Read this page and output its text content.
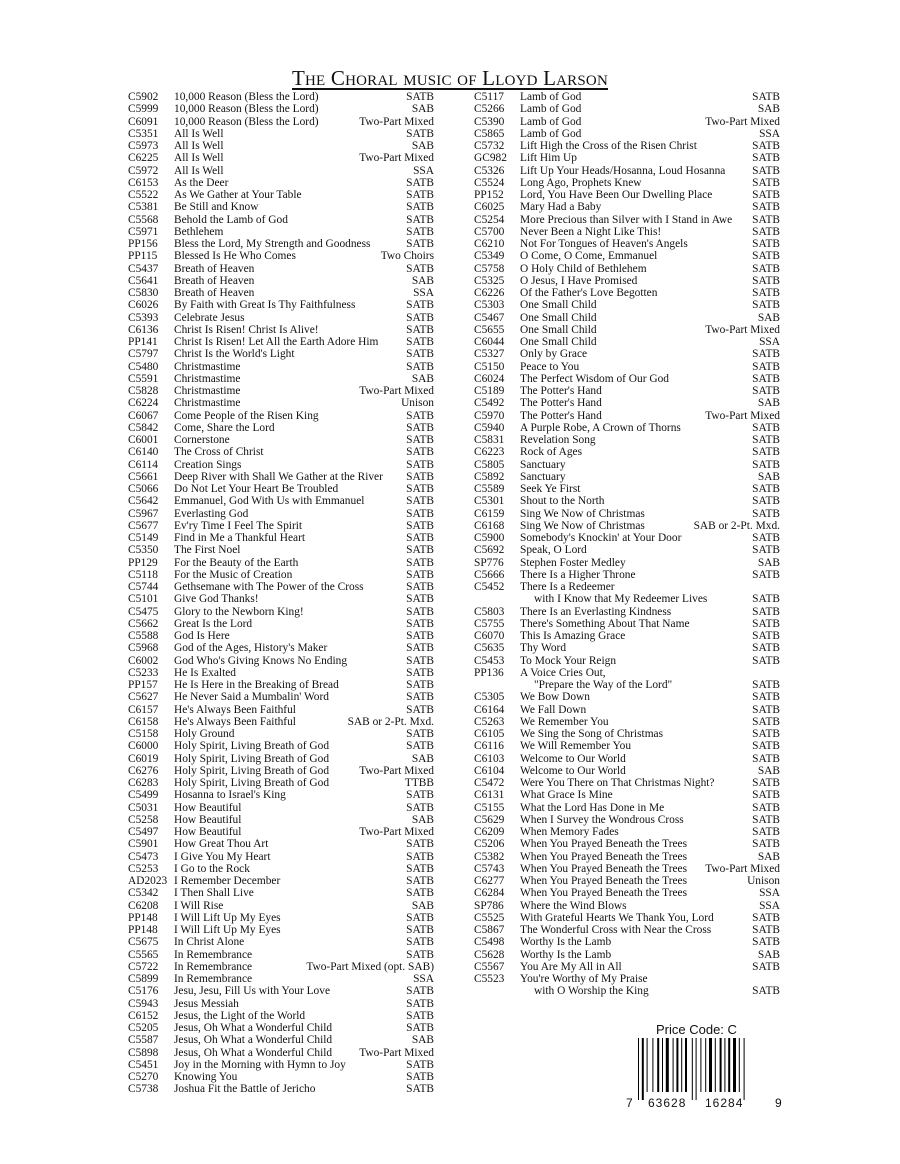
The Choral music of Lloyd Larson
C5902 10,000 Reason (Bless the Lord)	SATB
C5999 10,000 Reason (Bless the Lord)	SAB
C6091 10,000 Reason (Bless the Lord)	Two-Part Mixed
C5351 All Is Well	SATB
C5973 All Is Well	SAB
C6225 All Is Well	Two-Part Mixed
C5972 All Is Well	SSA
C6153 As the Deer	SATB
C5522 As We Gather at Your Table	SATB
C5381 Be Still and Know	SATB
C5568 Behold the Lamb of God	SATB
C5971 Bethlehem	SATB
PP156 Bless the Lord, My Strength and Goodness	SATB
PP115 Blessed Is He Who Comes	Two Choirs
C5437 Breath of Heaven	SATB
C5641 Breath of Heaven	SAB
C5830 Breath of Heaven	SSA
C6026 By Faith with Great Is Thy Faithfulness	SATB
C5393 Celebrate Jesus	SATB
C6136 Christ Is Risen! Christ Is Alive!	SATB
PP141 Christ Is Risen! Let All the Earth Adore Him SATB
C5797 Christ Is the World's Light	SATB
C5480 Christmastime	SATB
C5591 Christmastime	SAB
C5828 Christmastime	Two-Part Mixed
C6224 Christmastime	Unison
C6067 Come People of the Risen King	SATB
C5842 Come, Share the Lord	SATB
C6001 Cornerstone	SATB
C6140 The Cross of Christ	SATB
C6114 Creation Sings	SATB
C5661 Deep River with Shall We Gather at the River SATB
C5066 Do Not Let Your Heart Be Troubled	SATB
C5642 Emmanuel, God With Us with Emmanuel	SATB
C5967 Everlasting God	SATB
C5677 Ev'ry Time I Feel The Spirit	SATB
C5149 Find in Me a Thankful Heart	SATB
C5350 The First Noel	SATB
PP129 For the Beauty of the Earth	SATB
C5118 For the Music of Creation	SATB
C5744 Gethsemane with The Power of the Cross	SATB
C5101 Give God Thanks!	SATB
C5475 Glory to the Newborn King!	SATB
C5662 Great Is the Lord	SATB
C5588 God Is Here	SATB
C5968 God of the Ages, History's Maker	SATB
C6002 God Who's Giving Knows No Ending	SATB
C5233 He Is Exalted	SATB
PP157 He Is Here in the Breaking of Bread	SATB
C5627 He Never Said a Mumbalin' Word	SATB
C6157 He's Always Been Faithful	SATB
C6158 He's Always Been Faithful	SAB or 2-Pt. Mxd.
C5158 Holy Ground	SATB
C6000 Holy Spirit, Living Breath of God	SATB
C6019 Holy Spirit, Living Breath of God	SAB
C6276 Holy Spirit, Living Breath of God	Two-Part Mixed
C6283 Holy Spirit, Living Breath of God	TTBB
C5499 Hosanna to Israel's King	SATB
C5031 How Beautiful	SATB
C5258 How Beautiful	SAB
C5497 How Beautiful	Two-Part Mixed
C5901 How Great Thou Art	SATB
C5473 I Give You My Heart	SATB
C5253 I Go to the Rock	SATB
AD2023 I Remember December	SATB
C5342 I Then Shall Live	SATB
C6208 I Will Rise	SAB
PP148 I Will Lift Up My Eyes	SATB
PP148 I Will Lift Up My Eyes	SATB
C5675 In Christ Alone	SATB
C5565 In Remembrance	SATB
C5722 In Remembrance	Two-Part Mixed (opt. SAB)
C5899 In Remembrance	SSA
C5176 Jesu, Jesu, Fill Us with Your Love	SATB
C5943 Jesus Messiah	SATB
C6152 Jesus, the Light of the World	SATB
C5205 Jesus, Oh What a Wonderful Child	SATB
C5587 Jesus, Oh What a Wonderful Child	SAB
C5898 Jesus, Oh What a Wonderful Child Two-Part Mixed
C5451 Joy in the Morning with Hymn to Joy	SATB
C5270 Knowing You	SATB
C5738 Joshua Fit the Battle of Jericho	SATB
C5117 Lamb of God	SATB
C5266 Lamb of God	SAB
C5390 Lamb of God	Two-Part Mixed
C5865 Lamb of God	SSA
C5732 Lift High the Cross of the Risen Christ	SATB
GC982 Lift Him Up	SATB
C5326 Lift Up Your Heads/Hosanna, Loud Hosanna SATB
C5524 Long Ago, Prophets Knew	SATB
PP152 Lord, You Have Been Our Dwelling Place	SATB
C6025 Mary Had a Baby	SATB
C5254 More Precious than Silver with I Stand in Awe SATB
C5700 Never Been a Night Like This!	SATB
C6210 Not For Tongues of Heaven's Angels	SATB
C5349 O Come, O Come, Emmanuel	SATB
C5758 O Holy Child of Bethlehem	SATB
C5325 O Jesus, I Have Promised	SATB
C6226 Of the Father's Love Begotten	SATB
C5303 One Small Child	SATB
C5467 One Small Child	SAB
C5655 One Small Child	Two-Part Mixed
C6044 One Small Child	SSA
C5327 Only by Grace	SATB
C5150 Peace to You	SATB
C6024 The Perfect Wisdom of Our God	SATB
C5189 The Potter's Hand	SATB
C5492 The Potter's Hand	SAB
C5970 The Potter's Hand	Two-Part Mixed
C5940 A Purple Robe, A Crown of Thorns	SATB
C5831 Revelation Song	SATB
C6223 Rock of Ages	SATB
C5805 Sanctuary	SATB
C5892 Sanctuary	SAB
C5589 Seek Ye First	SATB
C5301 Shout to the North	SATB
C6159 Sing We Now of Christmas	SATB
C6168 Sing We Now of Christmas	SAB or 2-Pt. Mxd.
C5900 Somebody's Knockin' at Your Door	SATB
C5692 Speak, O Lord	SATB
SP776 Stephen Foster Medley	SAB
C5666 There Is a Higher Throne	SATB
C5452 There Is a Redeemer
with I Know that My Redeemer Lives	SATB
C5803 There Is an Everlasting Kindness	SATB
C5755 There's Something About That Name	SATB
C6070 This Is Amazing Grace	SATB
C5635 Thy Word	SATB
C5453 To Mock Your Reign	SATB
PP136 A Voice Cries Out,
"Prepare the Way of the Lord"	SATB
C5305 We Bow Down	SATB
C6164 We Fall Down	SATB
C5263 We Remember You	SATB
C6105 We Sing the Song of Christmas	SATB
C6116 We Will Remember You	SATB
C6103 Welcome to Our World	SATB
C6104 Welcome to Our World	SAB
C5472 Were You There on That Christmas Night?	SATB
C6131 What Grace Is Mine	SATB
C5155 What the Lord Has Done in Me	SATB
C5629 When I Survey the Wondrous Cross	SATB
C6209 When Memory Fades	SATB
C5206 When You Prayed Beneath the Trees	SATB
C5382 When You Prayed Beneath the Trees	SAB
C5743 When You Prayed Beneath the Trees Two-Part Mixed
C6277 When You Prayed Beneath the Trees	Unison
C6284 When You Prayed Beneath the Trees	SSA
SP786 Where the Wind Blows	SSA
C5525 With Grateful Hearts We Thank You, Lord	SATB
C5867 The Wonderful Cross with Near the Cross	SATB
C5498 Worthy Is the Lamb	SATB
C5628 Worthy Is the Lamb	SAB
C5567 You Are My All in All	SATB
C5523 You're Worthy of My Praise
with O Worship the King	SATB
Price Code: C
7 63628 16284	9
